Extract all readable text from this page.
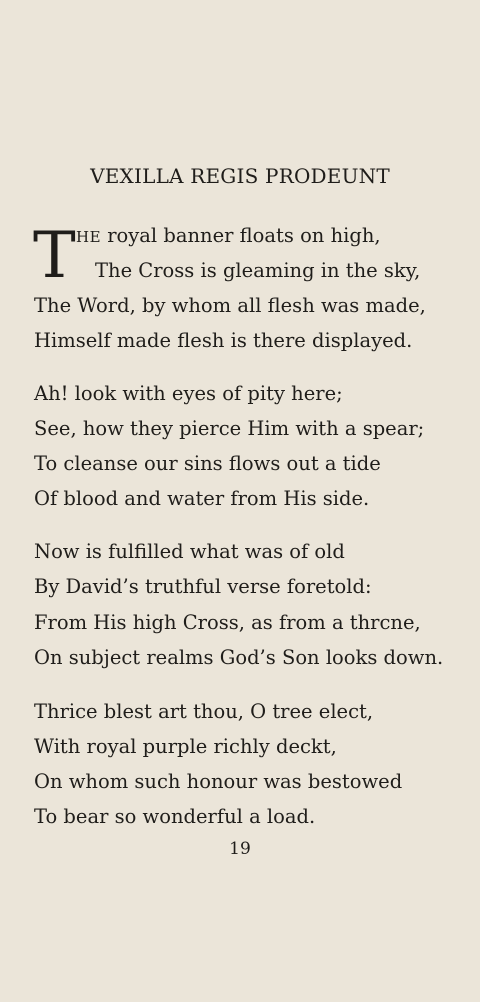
VEXILLA REGIS PRODEUNT
T HE royal banner floats on high,
The Cross is gleaming in the sky,
The Word, by whom all flesh was made,
Himself made flesh is there displayed.
Ah! look with eyes of pity here;
See, how they pierce Him with a spear;
To cleanse our sins flows out a tide
Of blood and water from His side.
Now is fulfilled what was of old
By David’s truthful verse foretold:
From His high Cross, as from a thrcne,
On subject realms God’s Son looks down.
Thrice blest art thou, O tree elect,
With royal purple richly deckt,
On whom such honour was bestowed
To bear so wonderful a load.
19
